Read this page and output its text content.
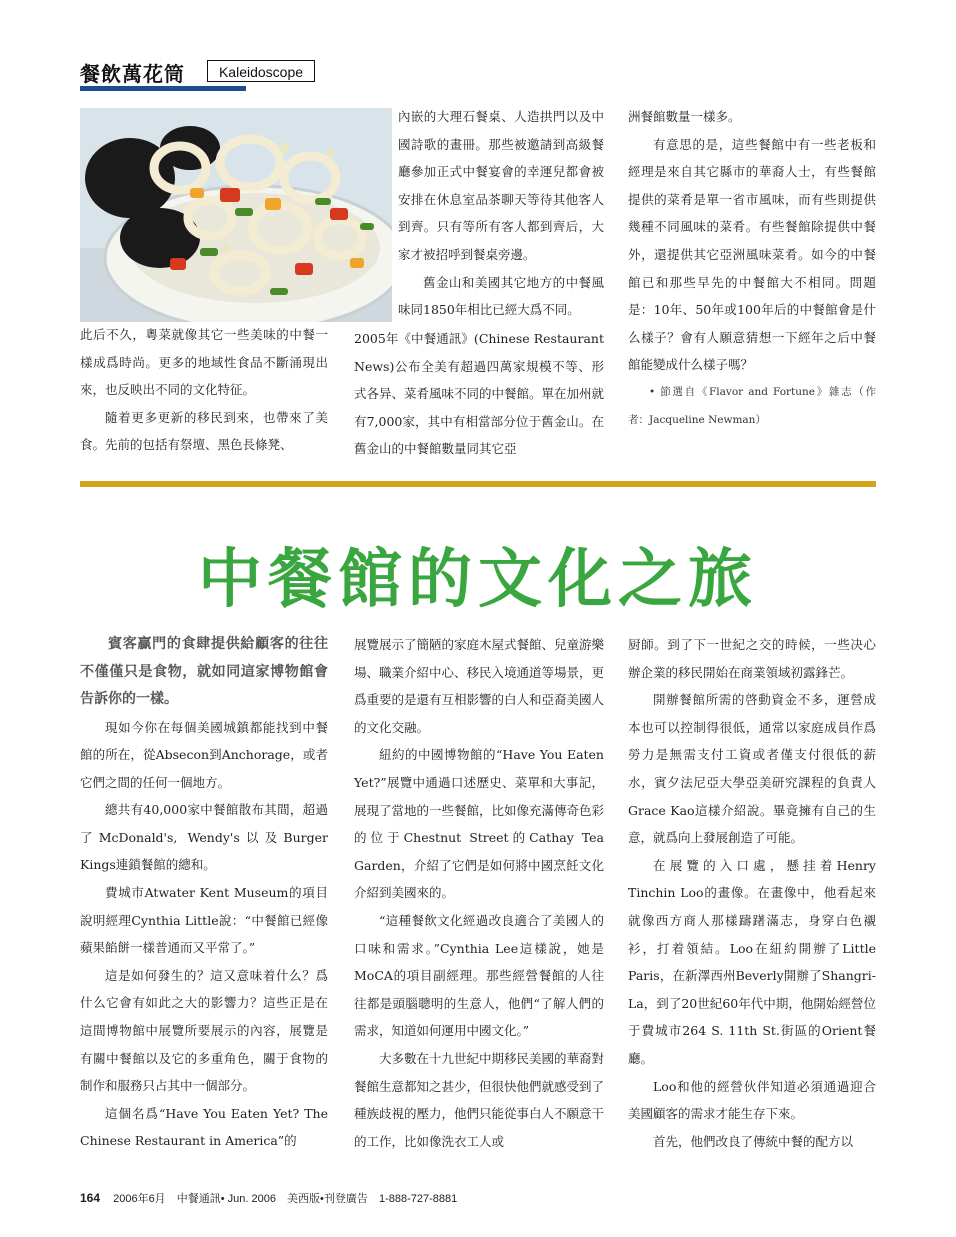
餐飲萬花筒	Kaleidoscope

此后不久，粵菜就像其它一些美味的中餐一樣成爲時尚。更多的地域性食品不斷涌現出來，也反映出不同的文化特征。

隨着更多更新的移民到來，也帶來了美食。先前的包括有祭壇、黑色長條凳、

內嵌的大理石餐桌、人造拱門以及中國詩歌的畫冊。那些被邀請到高級餐廳參加正式中餐宴會的幸運兒都會被安排在休息室品茶聊天等待其他客人到齊。只有等所有客人都到齊后，大家才被招呼到餐桌旁邊。

舊金山和美國其它地方的中餐風味同1850年相比已經大爲不同。

2005年《中餐通訊》(Chinese Restaurant News)公布全美有超過四萬家規模不等、形式各异、菜肴風味不同的中餐館。單在加州就有7,000家，其中有相當部分位于舊金山。在舊金山的中餐館數量同其它亞

洲餐館數量一樣多。

有意思的是，這些餐館中有一些老板和經理是來自其它縣市的華裔人士，有些餐館提供的菜肴是單一省市風味，而有些則提供幾種不同風味的菜肴。有些餐館除提供中餐外，還提供其它亞洲風味菜肴。如今的中餐館已和那些早先的中餐館大不相同。問題是：10年、50年或100年后的中餐館會是什么樣子？會有人願意猜想一下經年之后中餐館能變成什么樣子嗎？

• 節選自《Flavor and Fortune》雜志（作者：Jacqueline Newman）

中餐館的文化之旅

賓客贏門的食肆提供給顧客的往往不僅僅只是食物，就如同這家博物館會告訴你的一樣。

現如今你在每個美國城鎮都能找到中餐館的所在，從Absecon到Anchorage，或者它們之間的任何一個地方。

總共有40,000家中餐館散布其間，超過了McDonald's, Wendy's以及Burger Kings連鎖餐館的總和。

費城市Atwater Kent Museum的項目說明經理Cynthia Little說：“中餐館已經像蘋果餡餅一樣普通而又平常了。”

這是如何發生的？這又意味着什么？爲什么它會有如此之大的影響力？這些正是在這間博物館中展覽所要展示的內容，展覽是有關中餐館以及它的多重角色，關于食物的制作和服務只占其中一個部分。

這個名爲“Have You Eaten Yet? The Chinese Restaurant in America”的

展覽展示了簡陋的家庭木屋式餐館、兒童游樂場、職業介紹中心、移民入境通道等場景，更爲重要的是還有互相影響的白人和亞裔美國人的文化交融。

紐約的中國博物館的“Have You Eaten Yet?”展覽中通過口述歷史、菜單和大事記，展現了當地的一些餐館，比如像充滿傳奇色彩的位于Chestnut Street的Cathay Tea Garden，介紹了它們是如何將中國烹飪文化介紹到美國來的。

“這種餐飲文化經過改良適合了美國人的口味和需求。”Cynthia Lee這樣說，她是MoCA的項目副經理。那些經營餐館的人往往都是頭腦聰明的生意人，他們“了解人們的需求，知道如何運用中國文化。”

大多數在十九世紀中期移民美國的華裔對餐館生意都知之甚少，但很快他們就感受到了種族歧視的壓力，他們只能從事白人不願意干的工作，比如像洗衣工人或

厨師。到了下一世紀之交的時候，一些决心辦企業的移民開始在商業領域初露鋒芒。

開辦餐館所需的啓動資金不多，運營成本也可以控制得很低，通常以家庭成員作爲勞力是無需支付工資或者僅支付很低的薪水，賓夕法尼亞大學亞美研究課程的負責人Grace Kao這樣介紹說。畢竟擁有自己的生意，就爲向上發展創造了可能。

在展覽的入口處，懸挂着Henry Tinchin Loo的畫像。在畫像中，他看起來就像西方商人那樣躊躇滿志，身穿白色襯衫，打着領結。Loo在紐約開辦了Little Paris，在新澤西州Beverly開辦了Shangri-La，到了20世紀60年代中期，他開始經營位于費城市264 S. 11th St.街區的Orient餐廳。

Loo和他的經營伙伴知道必須通過迎合美國顧客的需求才能生存下來。

首先，他們改良了傳統中餐的配方以

164 2006年6月 中餐通訊• Jun. 2006 美西版•刊登廣告 1-888-727-8881
